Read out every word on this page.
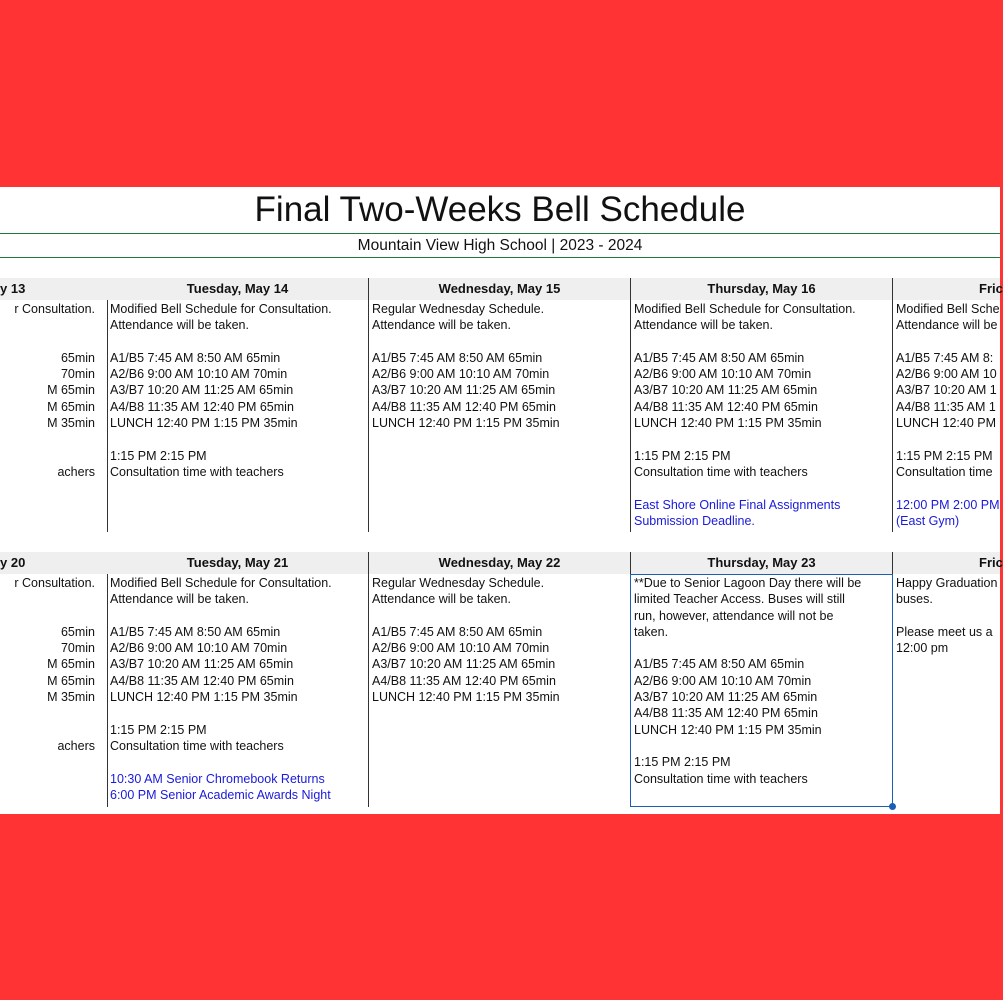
Final Two-Weeks Bell Schedule
Mountain View High School | 2023 - 2024
y 13
r Consultation.
65min
70min
M 65min
M 65min
M 35min
achers
Tuesday, May 14
Modified Bell Schedule for Consultation.
Attendance will be taken.
A1/B5 7:45 AM 8:50 AM 65min
A2/B6 9:00 AM 10:10 AM 70min
A3/B7 10:20 AM 11:25 AM 65min
A4/B8 11:35 AM 12:40 PM 65min
LUNCH 12:40 PM 1:15 PM 35min
1:15 PM 2:15 PM
Consultation time with teachers
Wednesday, May 15
Regular Wednesday Schedule.
Attendance will be taken.
A1/B5 7:45 AM 8:50 AM 65min
A2/B6 9:00 AM 10:10 AM 70min
A3/B7 10:20 AM 11:25 AM 65min
A4/B8 11:35 AM 12:40 PM 65min
LUNCH 12:40 PM 1:15 PM 35min
Thursday, May 16
Modified Bell Schedule for Consultation.
Attendance will be taken.
A1/B5 7:45 AM 8:50 AM 65min
A2/B6 9:00 AM 10:10 AM 70min
A3/B7 10:20 AM 11:25 AM 65min
A4/B8 11:35 AM 12:40 PM 65min
LUNCH 12:40 PM 1:15 PM 35min
1:15 PM 2:15 PM
Consultation time with teachers
East Shore Online Final Assignments
Submission Deadline.
Fric
Modified Bell Sche
Attendance will be
A1/B5 7:45 AM 8:
A2/B6 9:00 AM 10
A3/B7 10:20 AM 1
A4/B8 11:35 AM 1
LUNCH 12:40 PM
1:15 PM 2:15 PM
Consultation time
12:00 PM 2:00 PM
(East Gym)
y 20
r Consultation.
65min
70min
M 65min
M 65min
M 35min
achers
Tuesday, May 21
Modified Bell Schedule for Consultation.
Attendance will be taken.
A1/B5 7:45 AM 8:50 AM 65min
A2/B6 9:00 AM 10:10 AM 70min
A3/B7 10:20 AM 11:25 AM 65min
A4/B8 11:35 AM 12:40 PM 65min
LUNCH 12:40 PM 1:15 PM 35min
1:15 PM 2:15 PM
Consultation time with teachers
10:30 AM Senior Chromebook Returns
6:00 PM Senior Academic Awards Night
Wednesday, May 22
Regular Wednesday Schedule.
Attendance will be taken.
A1/B5 7:45 AM 8:50 AM 65min
A2/B6 9:00 AM 10:10 AM 70min
A3/B7 10:20 AM 11:25 AM 65min
A4/B8 11:35 AM 12:40 PM 65min
LUNCH 12:40 PM 1:15 PM 35min
Thursday, May 23
**Due to Senior Lagoon Day there will be
limited Teacher Access. Buses will still
run, however, attendance will not be
taken.
A1/B5 7:45 AM 8:50 AM 65min
A2/B6 9:00 AM 10:10 AM 70min
A3/B7 10:20 AM 11:25 AM 65min
A4/B8 11:35 AM 12:40 PM 65min
LUNCH 12:40 PM 1:15 PM 35min
1:15 PM 2:15 PM
Consultation time with teachers
Fric
Happy Graduation
buses.
Please meet us a
12:00 pm
